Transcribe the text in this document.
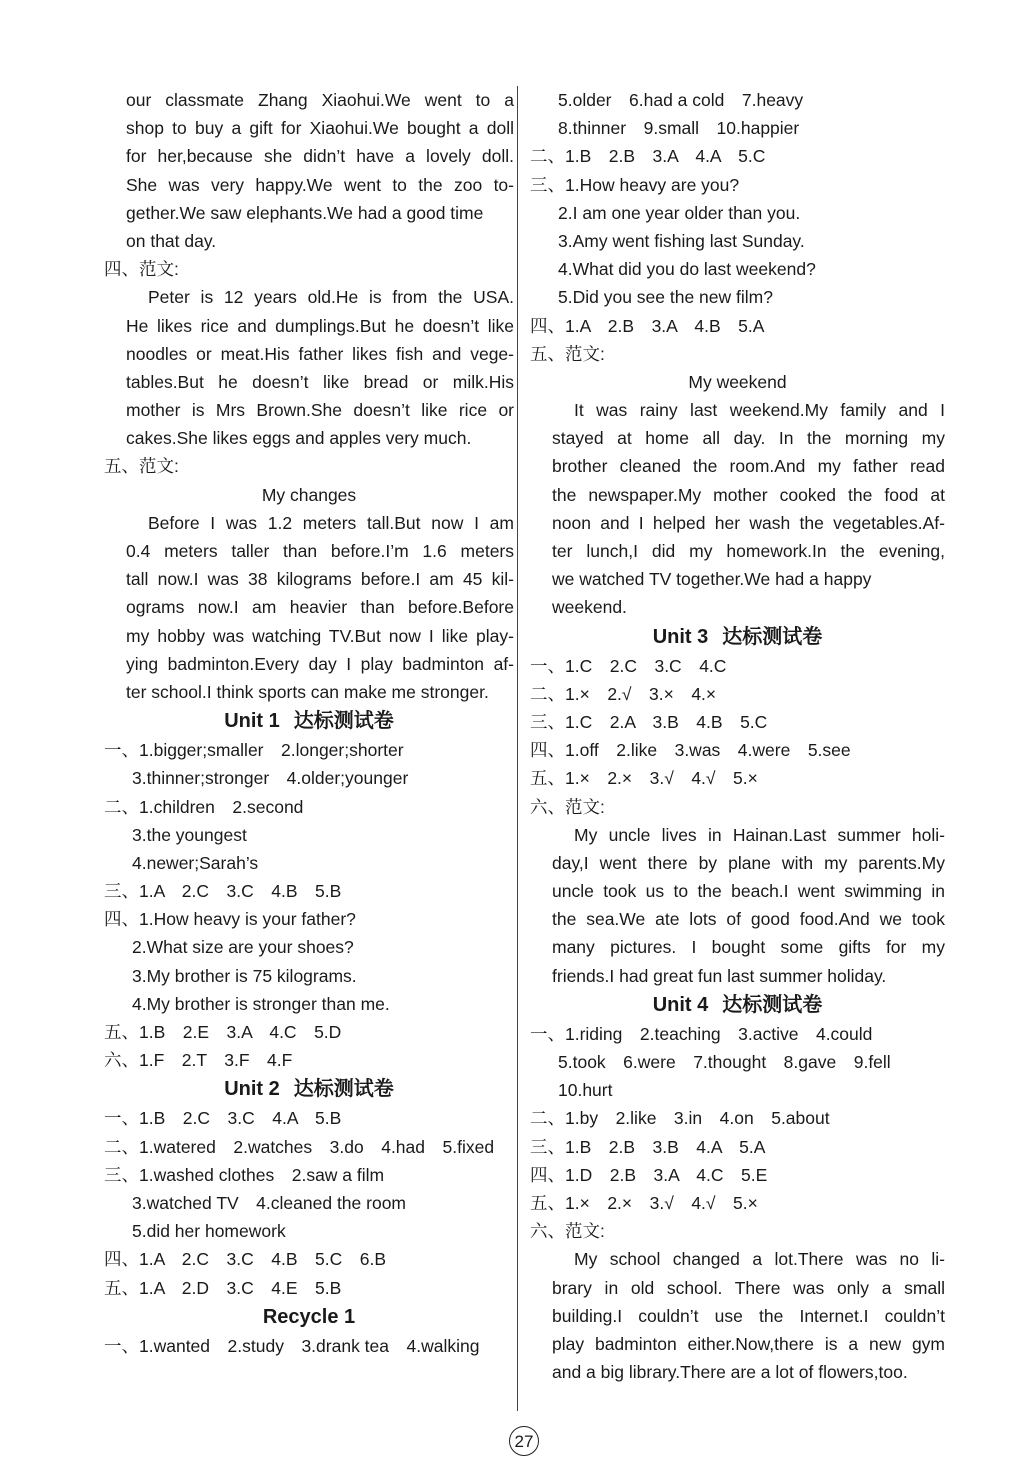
our classmate Zhang Xiaohui.We went to a
shop to buy a gift for Xiaohui.We bought a doll
for her,because she didn’t have a lovely doll.
She was very happy.We went to the zoo to-
gether.We saw elephants.We had a good time
on that day.
四、范文:
Peter is 12 years old.He is from the USA.
He likes rice and dumplings.But he doesn’t like
noodles or meat.His father likes fish and vege-
tables.But he doesn’t like bread or milk.His
mother is Mrs Brown.She doesn’t like rice or
cakes.She likes eggs and apples very much.
五、范文:
My changes
Before I was 1.2 meters tall.But now I am
0.4 meters taller than before.I’m 1.6 meters
tall now.I was 38 kilograms before.I am 45 kil-
ograms now.I am heavier than before.Before
my hobby was watching TV.But now I like play-
ying badminton.Every day I play badminton af-
ter school.I think sports can make me stronger.
Unit 1 达标测试卷
一、1.bigger;smaller　2.longer;shorter
3.thinner;stronger　4.older;younger
二、1.children　2.second
3.the youngest
4.newer;Sarah’s
三、1.A　2.C　3.C　4.B　5.B
四、1.How heavy is your father?
2.What size are your shoes?
3.My brother is 75 kilograms.
4.My brother is stronger than me.
五、1.B　2.E　3.A　4.C　5.D
六、1.F　2.T　3.F　4.F
Unit 2 达标测试卷
一、1.B　2.C　3.C　4.A　5.B
二、1.watered　2.watches　3.do　4.had　5.fixed
三、1.washed clothes　2.saw a film
3.watched TV　4.cleaned the room
5.did her homework
四、1.A　2.C　3.C　4.B　5.C　6.B
五、1.A　2.D　3.C　4.E　5.B
Recycle 1
一、1.wanted　2.study　3.drank tea　4.walking
5.older　6.had a cold　7.heavy
8.thinner　9.small　10.happier
二、1.B　2.B　3.A　4.A　5.C
三、1.How heavy are you?
2.I am one year older than you.
3.Amy went fishing last Sunday.
4.What did you do last weekend?
5.Did you see the new film?
四、1.A　2.B　3.A　4.B　5.A
五、范文:
My weekend
It was rainy last weekend.My family and I
stayed at home all day. In the morning my
brother cleaned the room.And my father read
the newspaper.My mother cooked the food at
noon and I helped her wash the vegetables.Af-
ter lunch,I did my homework.In the evening,
we watched TV together.We had a happy
weekend.
Unit 3 达标测试卷
一、1.C　2.C　3.C　4.C
二、1.×　2.√　3.×　4.×
三、1.C　2.A　3.B　4.B　5.C
四、1.off　2.like　3.was　4.were　5.see
五、1.×　2.×　3.√　4.√　5.×
六、范文:
My uncle lives in Hainan.Last summer holi-
day,I went there by plane with my parents.My
uncle took us to the beach.I went swimming in
the sea.We ate lots of good food.And we took
many pictures. I bought some gifts for my
friends.I had great fun last summer holiday.
Unit 4 达标测试卷
一、1.riding　2.teaching　3.active　4.could
5.took　6.were　7.thought　8.gave　9.fell
10.hurt
二、1.by　2.like　3.in　4.on　5.about
三、1.B　2.B　3.B　4.A　5.A
四、1.D　2.B　3.A　4.C　5.E
五、1.×　2.×　3.√　4.√　5.×
六、范文:
My school changed a lot.There was no li-
brary in old school. There was only a small
building.I couldn’t use the Internet.I couldn’t
play badminton either.Now,there is a new gym
and a big library.There are a lot of flowers,too.
27
